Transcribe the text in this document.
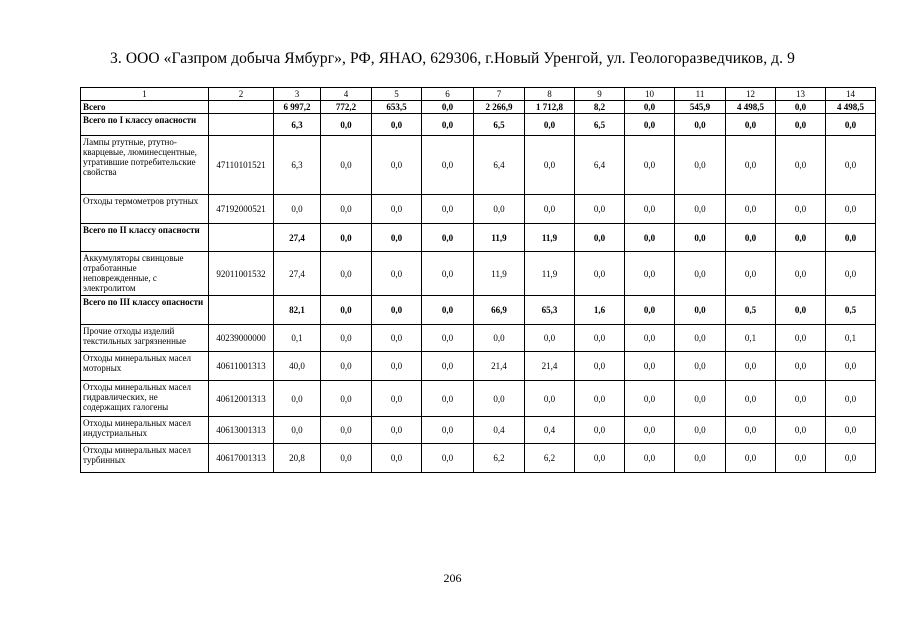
3. ООО «Газпром добыча Ямбург», РФ, ЯНАО, 629306, г.Новый Уренгой, ул. Геологоразведчиков, д. 9
1	2	3	4	5	6	7	8	9	10	11	12	13	14
Всего		6 997,2	772,2	653,5	0,0	2 266,9	1 712,8	8,2	0,0	545,9	4 498,5	0,0	4 498,5
Всего по I классу опасности		6,3	0,0	0,0	0,0	6,5	0,0	6,5	0,0	0,0	0,0	0,0	0,0
Лампы ртутные, ртутно-кварцевые, люминесцентные, утратившие потребительские свойства	47110101521	6,3	0,0	0,0	0,0	6,4	0,0	6,4	0,0	0,0	0,0	0,0	0,0
Отходы термометров ртутных	47192000521	0,0	0,0	0,0	0,0	0,0	0,0	0,0	0,0	0,0	0,0	0,0	0,0
Всего по II классу опасности		27,4	0,0	0,0	0,0	11,9	11,9	0,0	0,0	0,0	0,0	0,0	0,0
Аккумуляторы свинцовые отработанные неповрежденные, с электролитом	92011001532	27,4	0,0	0,0	0,0	11,9	11,9	0,0	0,0	0,0	0,0	0,0	0,0
Всего по III классу опасности		82,1	0,0	0,0	0,0	66,9	65,3	1,6	0,0	0,0	0,5	0,0	0,5
Прочие отходы изделий текстильных загрязненные	40239000000	0,1	0,0	0,0	0,0	0,0	0,0	0,0	0,0	0,0	0,1	0,0	0,1
Отходы минеральных масел моторных	40611001313	40,0	0,0	0,0	0,0	21,4	21,4	0,0	0,0	0,0	0,0	0,0	0,0
Отходы минеральных масел гидравлических, не содержащих галогены	40612001313	0,0	0,0	0,0	0,0	0,0	0,0	0,0	0,0	0,0	0,0	0,0	0,0
Отходы минеральных масел индустриальных	40613001313	0,0	0,0	0,0	0,0	0,4	0,4	0,0	0,0	0,0	0,0	0,0	0,0
Отходы минеральных масел турбинных	40617001313	20,8	0,0	0,0	0,0	6,2	6,2	0,0	0,0	0,0	0,0	0,0	0,0
206
